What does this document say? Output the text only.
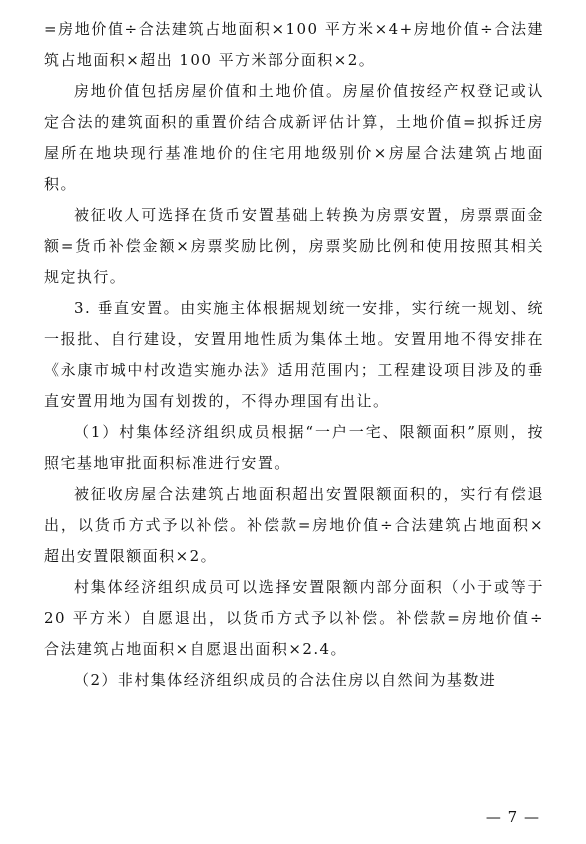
=房地价值÷合法建筑占地面积×100 平方米×4+房地价值÷合法建筑占地面积×超出 100 平方米部分面积×2。

房地价值包括房屋价值和土地价值。房屋价值按经产权登记或认定合法的建筑面积的重置价结合成新评估计算，土地价值=拟拆迁房屋所在地块现行基准地价的住宅用地级别价×房屋合法建筑占地面积。

被征收人可选择在货币安置基础上转换为房票安置，房票票面金额=货币补偿金额×房票奖励比例，房票奖励比例和使用按照其相关规定执行。

3. 垂直安置。由实施主体根据规划统一安排，实行统一规划、统一报批、自行建设，安置用地性质为集体土地。安置用地不得安排在《永康市城中村改造实施办法》适用范围内；工程建设项目涉及的垂直安置用地为国有划拨的，不得办理国有出让。

（1）村集体经济组织成员根据“一户一宅、限额面积”原则，按照宅基地审批面积标准进行安置。

被征收房屋合法建筑占地面积超出安置限额面积的，实行有偿退出，以货币方式予以补偿。补偿款=房地价值÷合法建筑占地面积×超出安置限额面积×2。

村集体经济组织成员可以选择安置限额内部分面积（小于或等于 20 平方米）自愿退出，以货币方式予以补偿。补偿款=房地价值÷合法建筑占地面积×自愿退出面积×2.4。

（2）非村集体经济组织成员的合法住房以自然间为基数进

— 7 —
